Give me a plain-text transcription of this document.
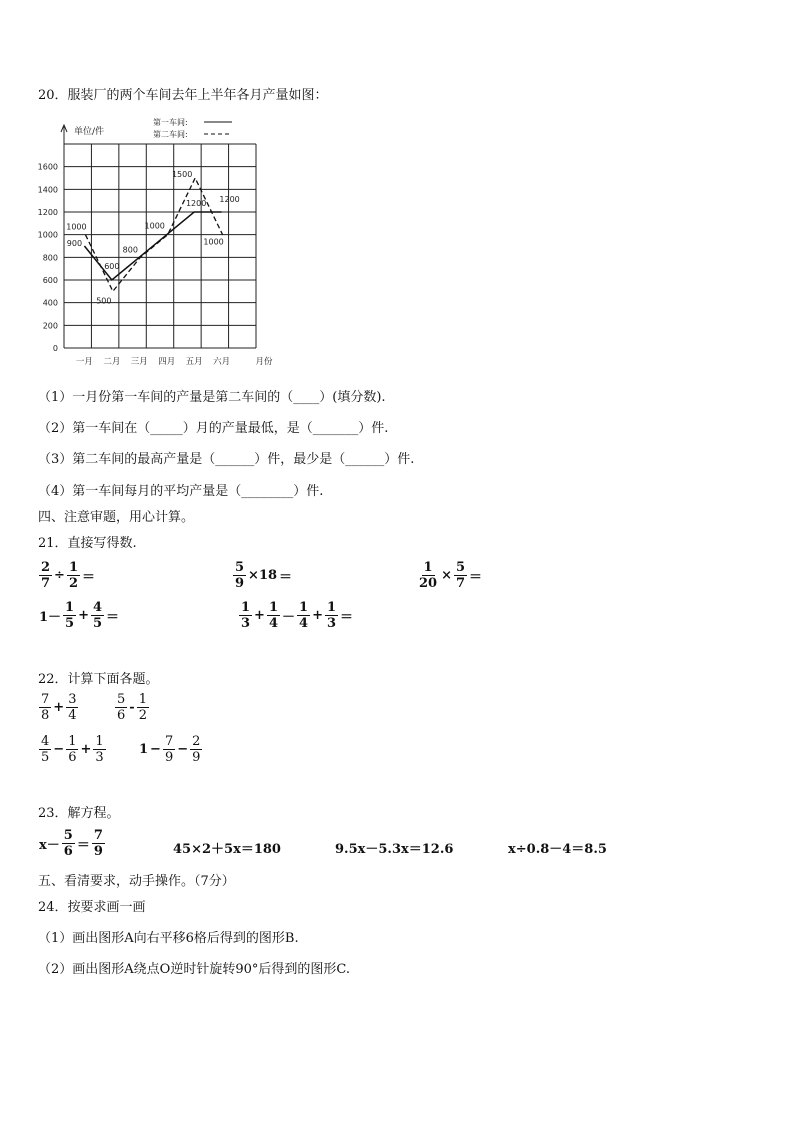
20．服装厂的两个车间去年上半年各月产量如图：
单位/件
0
200
400
600
800
1000
1200
1400
1600
一月 二月 三月 四月 五月 六月	月份
900
600
800
1000
1200 1200
1000
500
1500
1000
第一车间:
第二车间:
（1）一月份第一车间的产量是第二车间的（____）(填分数).
（2）第一车间在（_____）月的产量最低，是（_______）件.
（3）第二车间的最高产量是（______）件，最少是（______）件.
（4）第一车间每月的平均产量是（________）件.
四、注意审题，用心计算。
21．直接写得数.
$\frac{2}{7} \div \frac{1}{2}$ ＝	$\frac{5}{9} \times 18$ ＝	$\frac{1}{20} \times \frac{5}{7}$ ＝
$1- \frac{1}{5} + \frac{4}{5}$ ＝	$\frac{1}{3} + \frac{1}{4} - \frac{1}{4} + \frac{1}{3}$ ＝
22．计算下面各题。
$\frac{7}{8} + \frac{3}{4}$	$\frac{5}{6} - \frac{1}{2}$
$\frac{4}{5} - \frac{1}{6} + \frac{1}{3}$	$1 - \frac{7}{9} - \frac{2}{9}$
23．解方程。
$x- \frac{5}{6} = \frac{7}{9}$	45×2＋5x＝180	9.5x－5.3x＝12.6	x÷0.8－4＝8.5
五、看清要求，动手操作。（7分）
24．按要求画一画
（1）画出图形A向右平移6格后得到的图形B.
（2）画出图形A绕点O逆时针旋转90°后得到的图形C.
